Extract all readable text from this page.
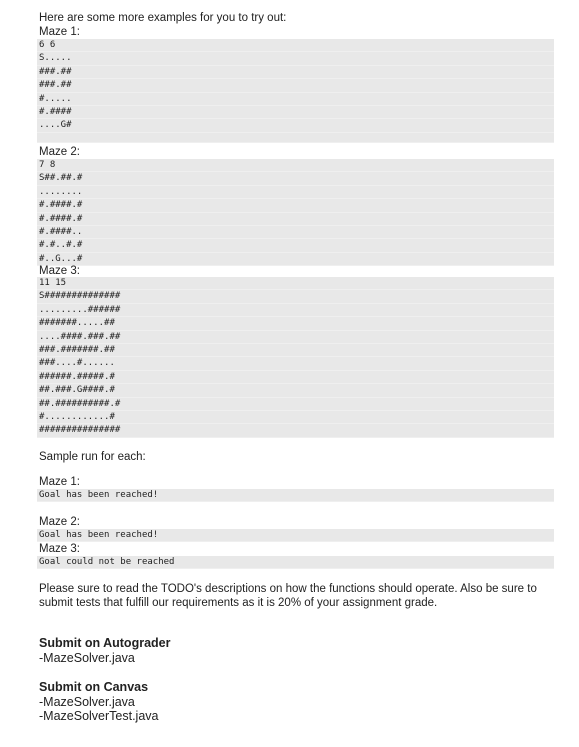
Here are some more examples for you to try out:
Maze 1:
6 6
S.....
###.##
###.##
#.....
#.####
....G#
Maze 2:
7 8
S##.##.#
........
#.####.#
#.####.#
#.####..
#.#..#.#
#..G...#
Maze 3:
11 15
S##############
.........######
#######.....##
....####.###.##
###.#######.##
###....#......
######.#####.#
##.###.G####.#
##.##########.#
#............#
###############
Sample run for each:
Maze 1:
Goal has been reached!
Maze 2:
Goal has been reached!
Maze 3:
Goal could not be reached

Please sure to read the TODO's descriptions on how the functions should operate. Also be sure to submit tests that fulfill our requirements as it is 20% of your assignment grade.

Submit on Autograder
-MazeSolver.java
Submit on Canvas
-MazeSolver.java
-MazeSolverTest.java
